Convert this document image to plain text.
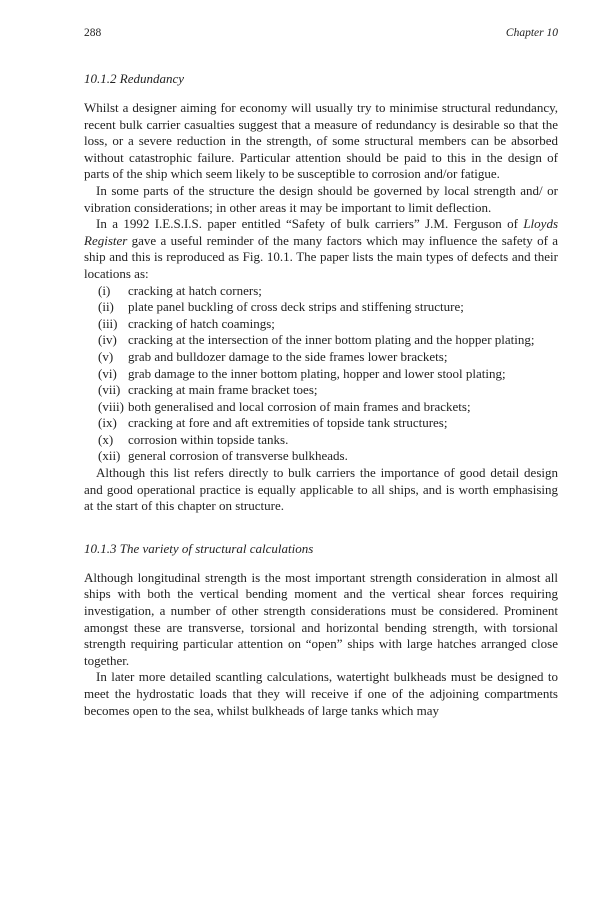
288	Chapter 10
10.1.2 Redundancy

Whilst a designer aiming for economy will usually try to minimise structural redundancy, recent bulk carrier casualties suggest that a measure of redundancy is desirable so that the loss, or a severe reduction in the strength, of some structural members can be absorbed without catastrophic failure. Particular attention should be paid to this in the design of parts of the ship which seem likely to be susceptible to corrosion and/or fatigue.

In some parts of the structure the design should be governed by local strength and/ or vibration considerations; in other areas it may be important to limit deflection.

In a 1992 I.E.S.I.S. paper entitled “Safety of bulk carriers” J.M. Ferguson of Lloyds Register gave a useful reminder of the many factors which may influence the safety of a ship and this is reproduced as Fig. 10.1. The paper lists the main types of defects and their locations as:

(i)	cracking at hatch corners;
(ii)	plate panel buckling of cross deck strips and stiffening structure;
(iii) cracking of hatch coamings;
(iv) cracking at the intersection of the inner bottom plating and the hopper plating;
(v)	grab and bulldozer damage to the side frames lower brackets;
(vi) grab damage to the inner bottom plating, hopper and lower stool plating;
(vii) cracking at main frame bracket toes;
(viii) both generalised and local corrosion of main frames and brackets;
(ix) cracking at fore and aft extremities of topside tank structures;
(x)	corrosion within topside tanks.
(xii) general corrosion of transverse bulkheads.

Although this list refers directly to bulk carriers the importance of good detail design and good operational practice is equally applicable to all ships, and is worth emphasising at the start of this chapter on structure.

10.1.3 The variety of structural calculations

Although longitudinal strength is the most important strength consideration in almost all ships with both the vertical bending moment and the vertical shear forces requiring investigation, a number of other strength considerations must be considered. Prominent amongst these are transverse, torsional and horizontal bending strength, with torsional strength requiring particular attention on “open” ships with large hatches arranged close together.

In later more detailed scantling calculations, watertight bulkheads must be designed to meet the hydrostatic loads that they will receive if one of the adjoining compartments becomes open to the sea, whilst bulkheads of large tanks which may
